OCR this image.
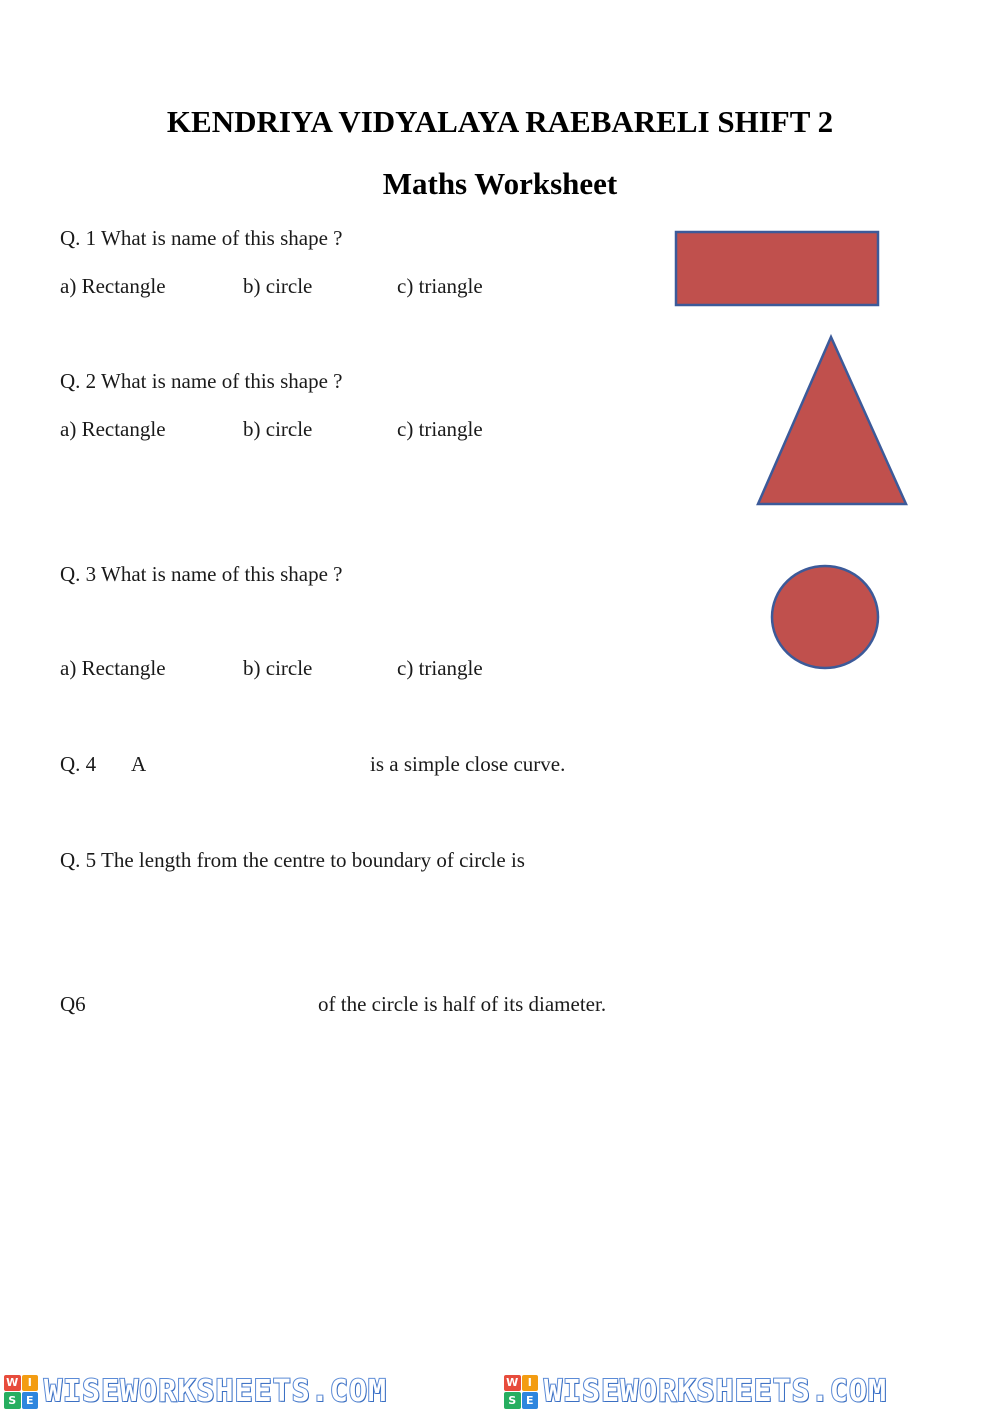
KENDRIYA VIDYALAYA RAEBARELI SHIFT 2
Maths Worksheet

Q. 1 What is name of this shape ?

a) Rectangle	b) circle	c) triangle

Q. 2 What is name of this shape ?

a) Rectangle	b) circle	c) triangle

Q. 3 What is name of this shape ?

a) Rectangle	b) circle	c) triangle
Q. 4 A	is a simple close curve.

Q. 5 The length from the centre to boundary of circle is

Q6	of the circle is half of its diameter.
W I
S E WISEWORKSHEETS.COM	W I
S E WISEWORKSHEETS.COM
